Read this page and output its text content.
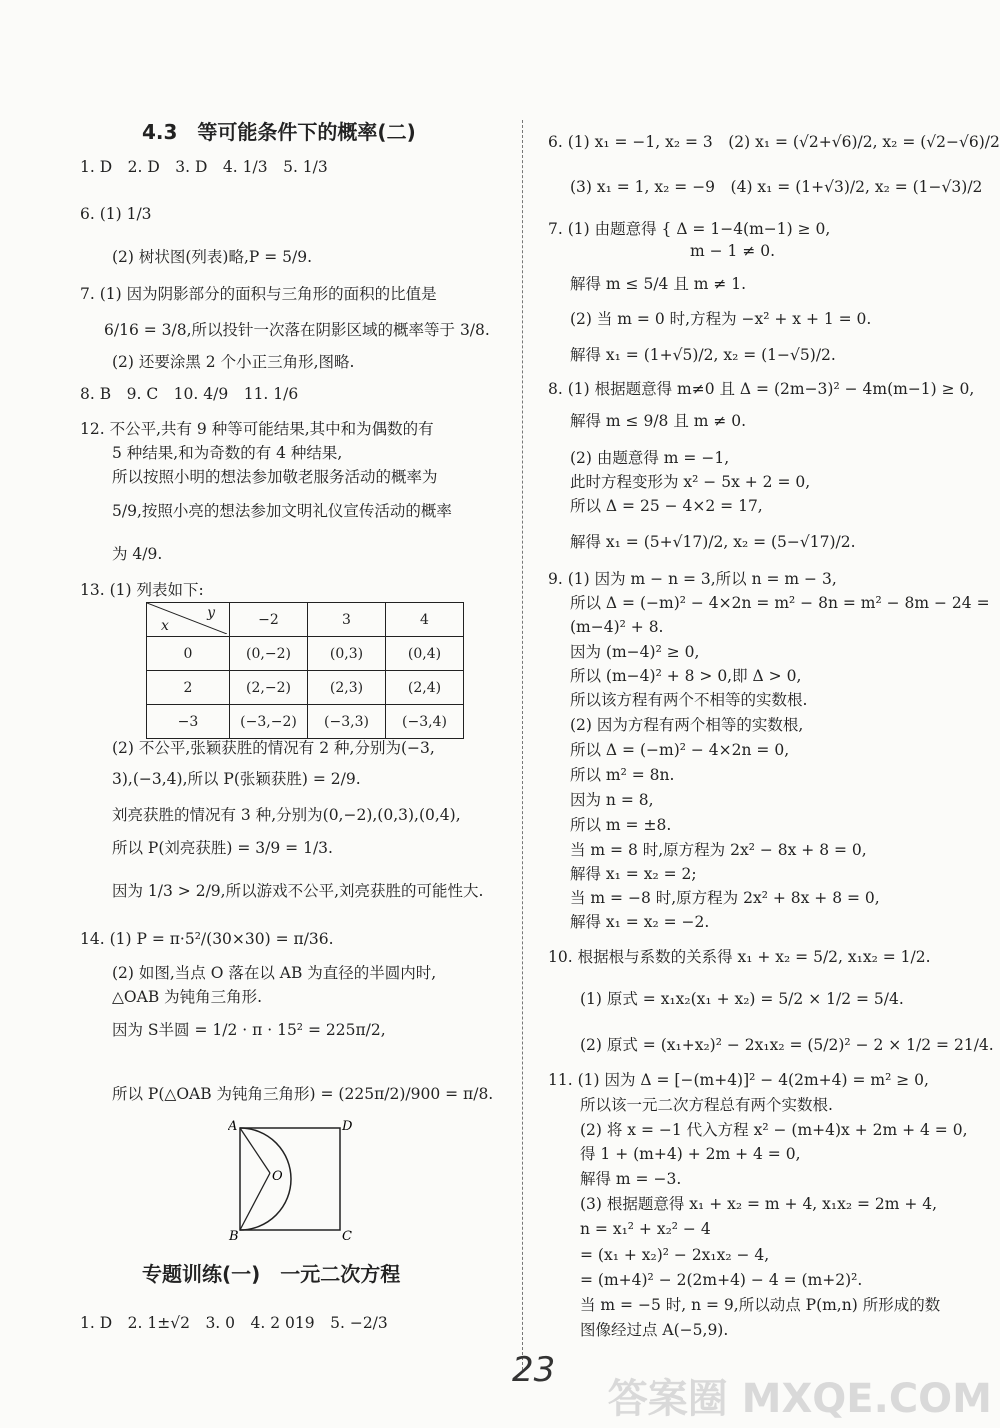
4.3　等可能条件下的概率(二)
1. D　2. D　3. D　4. 1/3　5. 1/3
6. (1) 1/3
(2) 树状图(列表)略,P = 5/9.
7. (1) 因为阴影部分的面积与三角形的面积的比值是
6/16 = 3/8,所以投针一次落在阴影区域的概率等于 3/8.
(2) 还要涂黑 2 个小正三角形,图略.
8. B　9. C　10. 4/9　11. 1/6
12. 不公平,共有 9 种等可能结果,其中和为偶数的有
5 种结果,和为奇数的有 4 种结果,
所以按照小明的想法参加敬老服务活动的概率为
5/9,按照小亮的想法参加文明礼仪宣传活动的概率
为 4/9.
13. (1) 列表如下:
y
x	−2	3	4
0	(0,−2)	(0,3)	(0,4)
2	(2,−2)	(2,3)	(2,4)
−3	(−3,−2)	(−3,3)	(−3,4)
(2) 不公平,张颖获胜的情况有 2 种,分别为(−3,
3),(−3,4),所以 P(张颖获胜) = 2/9.
刘亮获胜的情况有 3 种,分别为(0,−2),(0,3),(0,4),
所以 P(刘亮获胜) = 3/9 = 1/3.
因为 1/3 > 2/9,所以游戏不公平,刘亮获胜的可能性大.
14. (1) P = π·5²/(30×30) = π/36.
(2) 如图,当点 O 落在以 AB 为直径的半圆内时,
△OAB 为钝角三角形.
因为 S半圆 = 1/2 · π · 15² = 225π/2,
所以 P(△OAB 为钝角三角形) = (225π/2)/900 = π/8.
A	D
B	C
O
专题训练(一)　一元二次方程
1. D　2. 1±√2　3. 0　4. 2 019　5. −2/3
6. (1) x₁ = −1, x₂ = 3　(2) x₁ = (√2+√6)/2, x₂ = (√2−√6)/2
(3) x₁ = 1, x₂ = −9　(4) x₁ = (1+√3)/2, x₂ = (1−√3)/2
7. (1) 由题意得 { Δ = 1−4(m−1) ≥ 0,
m − 1 ≠ 0.
解得 m ≤ 5/4 且 m ≠ 1.
(2) 当 m = 0 时,方程为 −x² + x + 1 = 0.
解得 x₁ = (1+√5)/2, x₂ = (1−√5)/2.
8. (1) 根据题意得 m≠0 且 Δ = (2m−3)² − 4m(m−1) ≥ 0,
解得 m ≤ 9/8 且 m ≠ 0.
(2) 由题意得 m = −1,
此时方程变形为 x² − 5x + 2 = 0,
所以 Δ = 25 − 4×2 = 17,
解得 x₁ = (5+√17)/2, x₂ = (5−√17)/2.
9. (1) 因为 m − n = 3,所以 n = m − 3,
所以 Δ = (−m)² − 4×2n = m² − 8n = m² − 8m − 24 =
(m−4)² + 8.
因为 (m−4)² ≥ 0,
所以 (m−4)² + 8 > 0,即 Δ > 0,
所以该方程有两个不相等的实数根.
(2) 因为方程有两个相等的实数根,
所以 Δ = (−m)² − 4×2n = 0,
所以 m² = 8n.
因为 n = 8,
所以 m = ±8.
当 m = 8 时,原方程为 2x² − 8x + 8 = 0,
解得 x₁ = x₂ = 2;
当 m = −8 时,原方程为 2x² + 8x + 8 = 0,
解得 x₁ = x₂ = −2.
10. 根据根与系数的关系得 x₁ + x₂ = 5/2, x₁x₂ = 1/2.
(1) 原式 = x₁x₂(x₁ + x₂) = 5/2 × 1/2 = 5/4.
(2) 原式 = (x₁+x₂)² − 2x₁x₂ = (5/2)² − 2 × 1/2 = 21/4.
11. (1) 因为 Δ = [−(m+4)]² − 4(2m+4) = m² ≥ 0,
所以该一元二次方程总有两个实数根.
(2) 将 x = −1 代入方程 x² − (m+4)x + 2m + 4 = 0,
得 1 + (m+4) + 2m + 4 = 0,
解得 m = −3.
(3) 根据题意得 x₁ + x₂ = m + 4, x₁x₂ = 2m + 4,
n = x₁² + x₂² − 4
= (x₁ + x₂)² − 2x₁x₂ − 4,
= (m+4)² − 2(2m+4) − 4 = (m+2)².
当 m = −5 时, n = 9,所以动点 P(m,n) 所形成的数
图像经过点 A(−5,9).
23
答案圈 MXQE.COM
